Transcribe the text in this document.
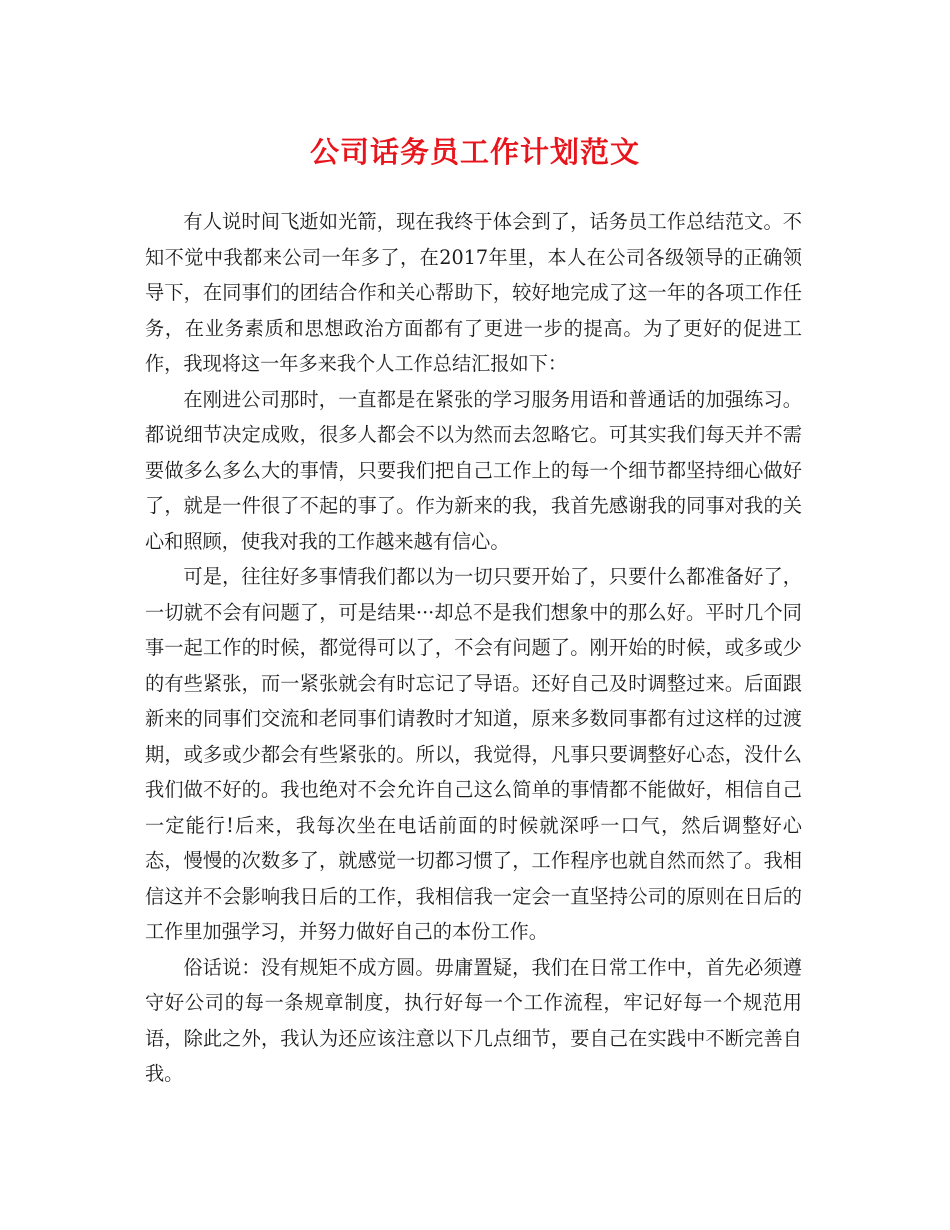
公司话务员工作计划范文

有人说时间飞逝如光箭，现在我终于体会到了，话务员工作总结范文。不知不觉中我都来公司一年多了，在2017年里，本人在公司各级领导的正确领导下，在同事们的团结合作和关心帮助下，较好地完成了这一年的各项工作任务，在业务素质和思想政治方面都有了更进一步的提高。为了更好的促进工作，我现将这一年多来我个人工作总结汇报如下：

在刚进公司那时，一直都是在紧张的学习服务用语和普通话的加强练习。都说细节决定成败，很多人都会不以为然而去忽略它。可其实我们每天并不需要做多么多么大的事情，只要我们把自己工作上的每一个细节都坚持细心做好了，就是一件很了不起的事了。作为新来的我，我首先感谢我的同事对我的关心和照顾，使我对我的工作越来越有信心。

可是，往往好多事情我们都以为一切只要开始了，只要什么都准备好了，一切就不会有问题了，可是结果···却总不是我们想象中的那么好。平时几个同事一起工作的时候，都觉得可以了，不会有问题了。刚开始的时候，或多或少的有些紧张，而一紧张就会有时忘记了导语。还好自己及时调整过来。后面跟新来的同事们交流和老同事们请教时才知道，原来多数同事都有过这样的过渡期，或多或少都会有些紧张的。所以，我觉得，凡事只要调整好心态，没什么我们做不好的。我也绝对不会允许自己这么简单的事情都不能做好，相信自己一定能行!后来，我每次坐在电话前面的时候就深呼一口气，然后调整好心态，慢慢的次数多了，就感觉一切都习惯了，工作程序也就自然而然了。我相信这并不会影响我日后的工作，我相信我一定会一直坚持公司的原则在日后的工作里加强学习，并努力做好自己的本份工作。

俗话说：没有规矩不成方圆。毋庸置疑，我们在日常工作中，首先必须遵守好公司的每一条规章制度，执行好每一个工作流程，牢记好每一个规范用语，除此之外，我认为还应该注意以下几点细节，要自己在实践中不断完善自我。
